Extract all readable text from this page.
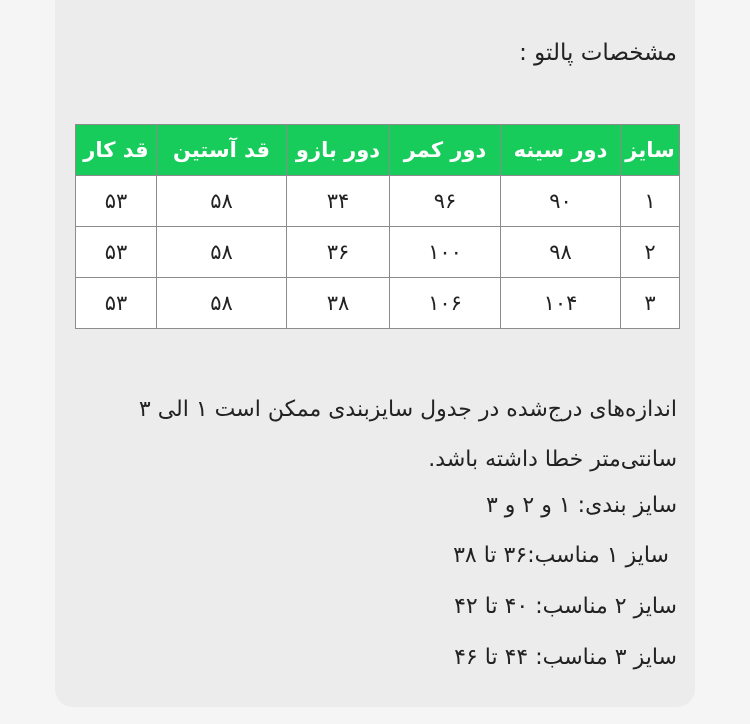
مشخصات پالتو :
سایز	دور سینه	دور کمر	دور بازو	قد آستین	قد کار
۱	۹۰	۹۶	۳۴	۵۸	۵۳
۲	۹۸	۱۰۰	۳۶	۵۸	۵۳
۳	۱۰۴	۱۰۶	۳۸	۵۸	۵۳
اندازه‌های درج‌شده در جدول سایزبندی ممکن است ۱ الی ۳ سانتی‌متر خطا داشته باشد.
سایز بندی: ۱ و ۲ و ۳
سایز ۱ مناسب:۳۶ تا ۳۸
سایز ۲ مناسب: ۴۰ تا ۴۲
سایز ۳ مناسب: ۴۴ تا ۴۶
